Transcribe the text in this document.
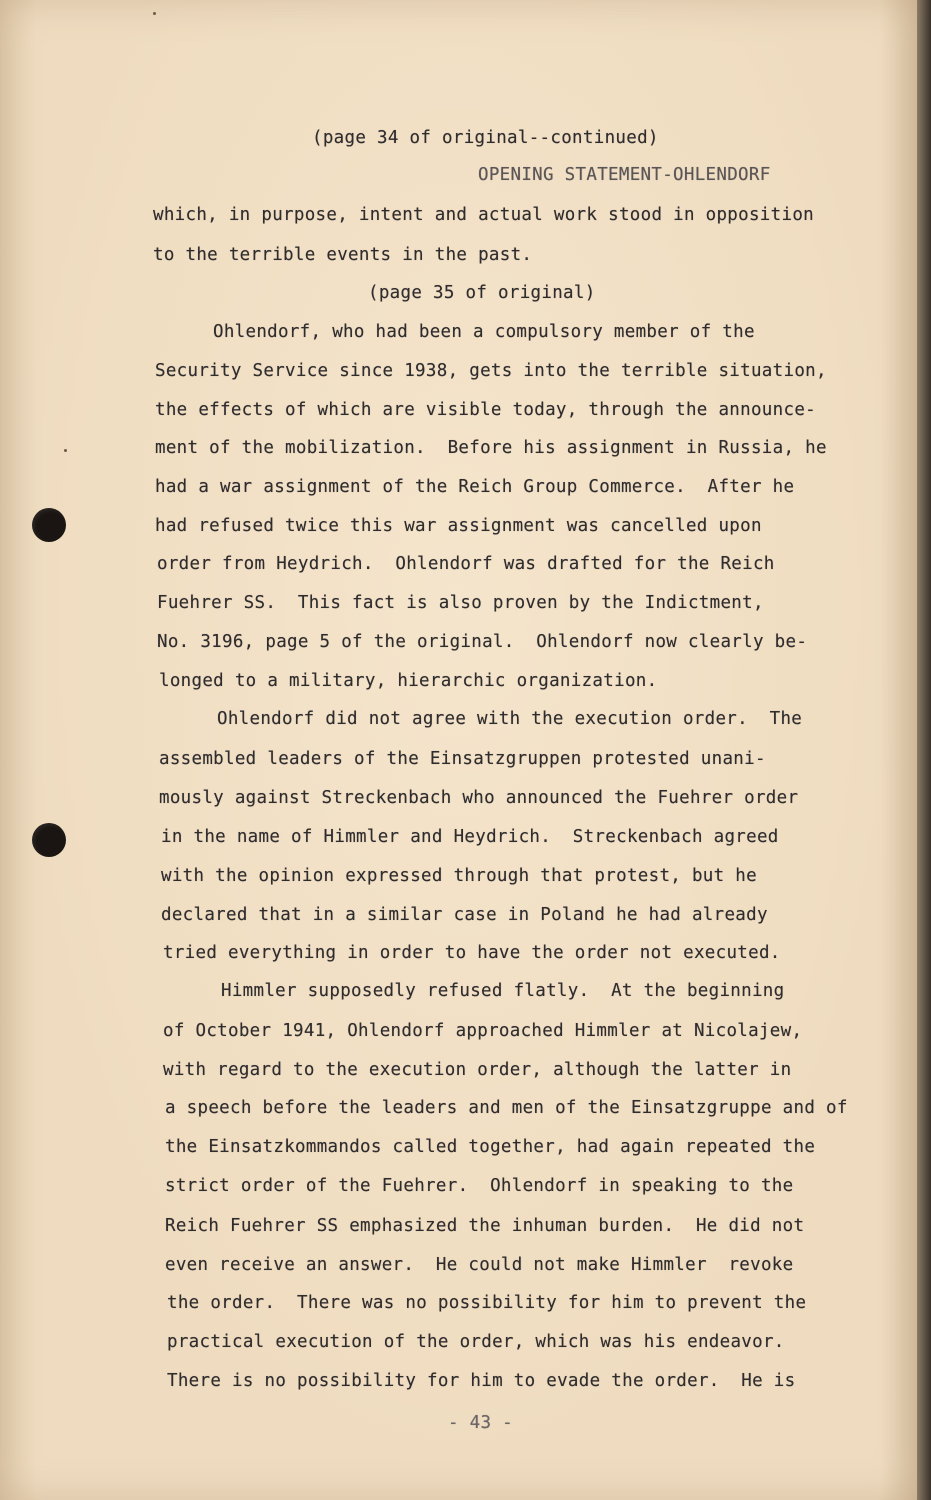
(page 34 of original--continued)
OPENING STATEMENT-OHLENDORF
which, in purpose, intent and actual work stood in opposition
to the terrible events in the past.
(page 35 of original)
Ohlendorf, who had been a compulsory member of the
Security Service since 1938, gets into the terrible situation,
the effects of which are visible today, through the announce-
ment of the mobilization.  Before his assignment in Russia, he
had a war assignment of the Reich Group Commerce.  After he
had refused twice this war assignment was cancelled upon
order from Heydrich.  Ohlendorf was drafted for the Reich
Fuehrer SS.  This fact is also proven by the Indictment,
No. 3196, page 5 of the original.  Ohlendorf now clearly be-
longed to a military, hierarchic organization.
Ohlendorf did not agree with the execution order.  The
assembled leaders of the Einsatzgruppen protested unani-
mously against Streckenbach who announced the Fuehrer order
in the name of Himmler and Heydrich.  Streckenbach agreed
with the opinion expressed through that protest, but he
declared that in a similar case in Poland he had already
tried everything in order to have the order not executed.
Himmler supposedly refused flatly.  At the beginning
of October 1941, Ohlendorf approached Himmler at Nicolajew,
with regard to the execution order, although the latter in
a speech before the leaders and men of the Einsatzgruppe and of
the Einsatzkommandos called together, had again repeated the
strict order of the Fuehrer.  Ohlendorf in speaking to the
Reich Fuehrer SS emphasized the inhuman burden.  He did not
even receive an answer.  He could not make Himmler  revoke
the order.  There was no possibility for him to prevent the
practical execution of the order, which was his endeavor.
There is no possibility for him to evade the order.  He is
- 43 -
